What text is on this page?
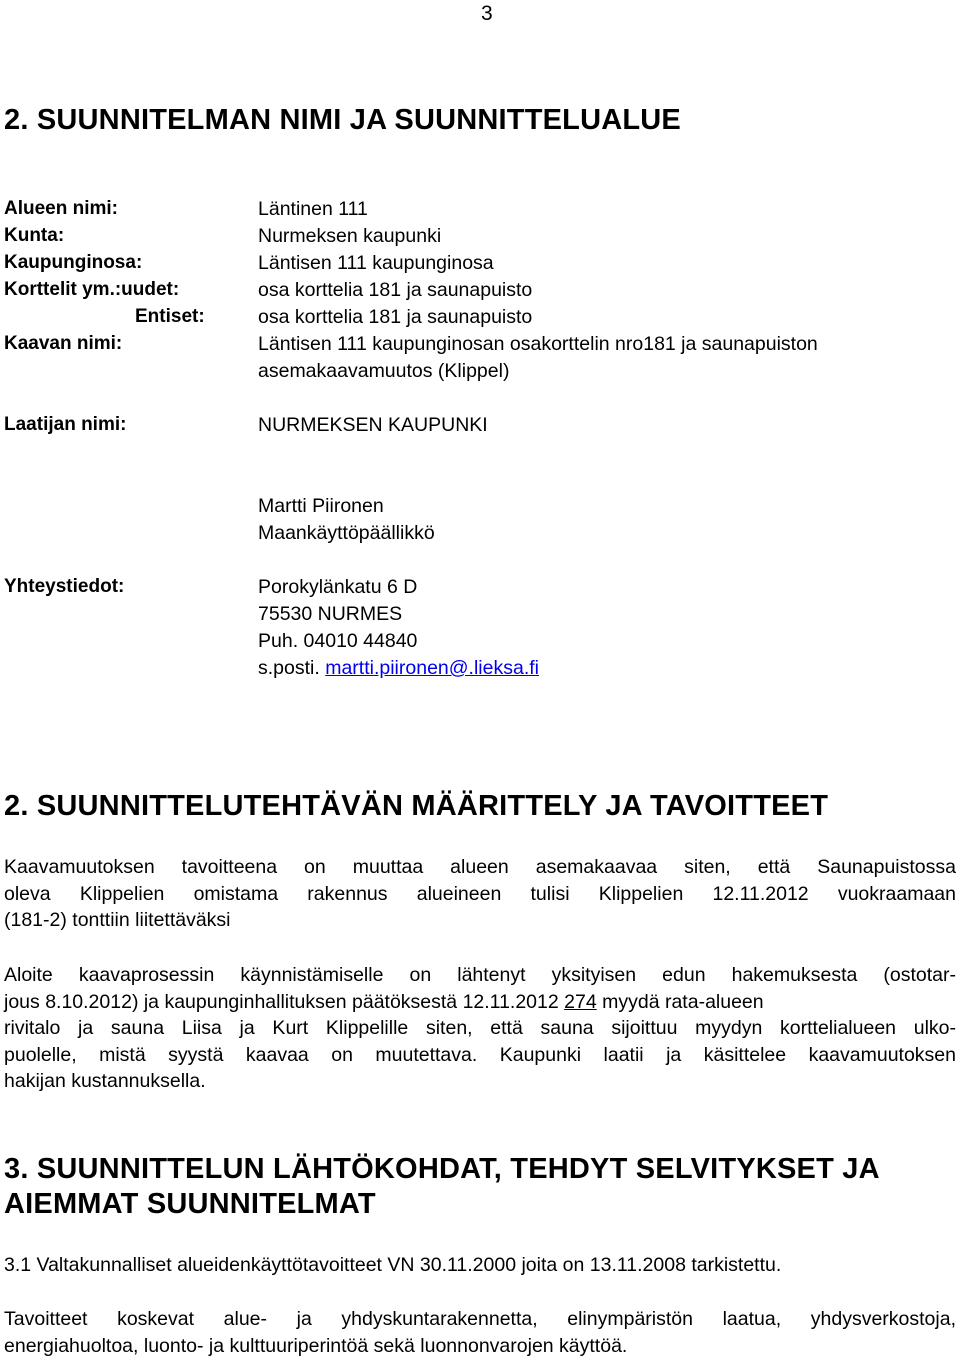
3
2. SUUNNITELMAN NIMI JA SUUNNITTELUALUE
Alueen nimi:	Läntinen 111
Kunta:	Nurmeksen kaupunki
Kaupunginosa:	Läntisen 111 kaupunginosa
Korttelit ym.:uudet:	osa korttelia 181 ja saunapuisto
Entiset:	osa korttelia 181 ja saunapuisto
Kaavan nimi:	Läntisen 111 kaupunginosan osakorttelin nro181 ja saunapuiston
asemakaavamuutos (Klippel)
Laatijan nimi:	NURMEKSEN KAUPUNKI
Martti Piironen
Maankäyttöpäällikkö
Yhteystiedot:	Porokylänkatu 6 D
75530 NURMES
Puh. 04010 44840
s.posti. martti.piironen@.lieksa.fi
2. SUUNNITTELUTEHTÄVÄN MÄÄRITTELY JA TAVOITTEET
Kaavamuutoksen tavoitteena on muuttaa alueen asemakaavaa siten, että Saunapuistossa
oleva Klippelien omistama rakennus alueineen tulisi Klippelien 12.11.2012 vuokraamaan
(181-2) tonttiin liitettäväksi
Aloite kaavaprosessin käynnistämiselle on lähtenyt yksityisen edun hakemuksesta (ostotar-
jous 8.10.2012) ja kaupunginhallituksen päätöksestä 12.11.2012 274 myydä rata-alueen
rivitalo ja sauna Liisa ja Kurt Klippelille siten, että sauna sijoittuu myydyn korttelialueen ulko-
puolelle, mistä syystä kaavaa on muutettava. Kaupunki laatii ja käsittelee kaavamuutoksen
hakijan kustannuksella.
3. SUUNNITTELUN LÄHTÖKOHDAT, TEHDYT SELVITYKSET JA
AIEMMAT SUUNNITELMAT
3.1 Valtakunnalliset alueidenkäyttötavoitteet VN 30.11.2000 joita on 13.11.2008 tarkistettu.
Tavoitteet koskevat alue- ja yhdyskuntarakennetta, elinympäristön laatua, yhdysverkostoja,
energiahuoltoa, luonto- ja kulttuuriperintöä sekä luonnonvarojen käyttöä.
